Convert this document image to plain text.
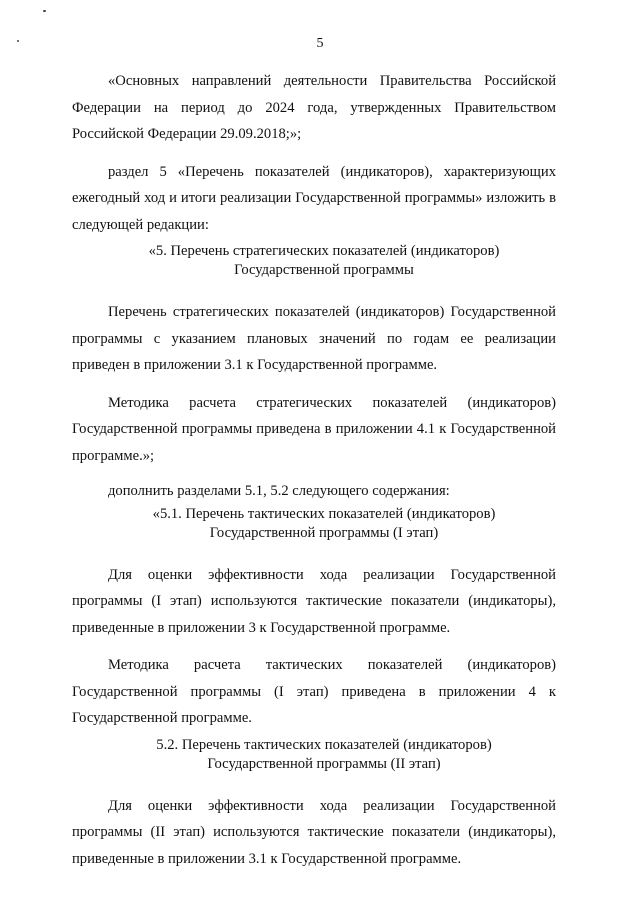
5

«Основных направлений деятельности Правительства Российской Федерации на период до 2024 года, утвержденных Правительством Российской Федерации 29.09.2018;»;

раздел 5 «Перечень показателей (индикаторов), характеризующих ежегодный ход и итоги реализации Государственной программы» изложить в следующей редакции:

«5. Перечень стратегических показателей (индикаторов)
Государственной программы

Перечень стратегических показателей (индикаторов) Государственной программы с указанием плановых значений по годам ее реализации приведен в приложении 3.1 к Государственной программе.

Методика расчета стратегических показателей (индикаторов) Государственной программы приведена в приложении 4.1 к Государственной программе.»;

дополнить разделами 5.1, 5.2 следующего содержания:

«5.1. Перечень тактических показателей (индикаторов)
Государственной программы (I этап)

Для оценки эффективности хода реализации Государственной программы (I этап) используются тактические показатели (индикаторы), приведенные в приложении 3 к Государственной программе.

Методика расчета тактических показателей (индикаторов) Государственной программы (I этап) приведена в приложении 4 к Государственной программе.

5.2. Перечень тактических показателей (индикаторов)
Государственной программы (II этап)

Для оценки эффективности хода реализации Государственной программы (II этап) используются тактические показатели (индикаторы), приведенные в приложении 3.1 к Государственной программе.
